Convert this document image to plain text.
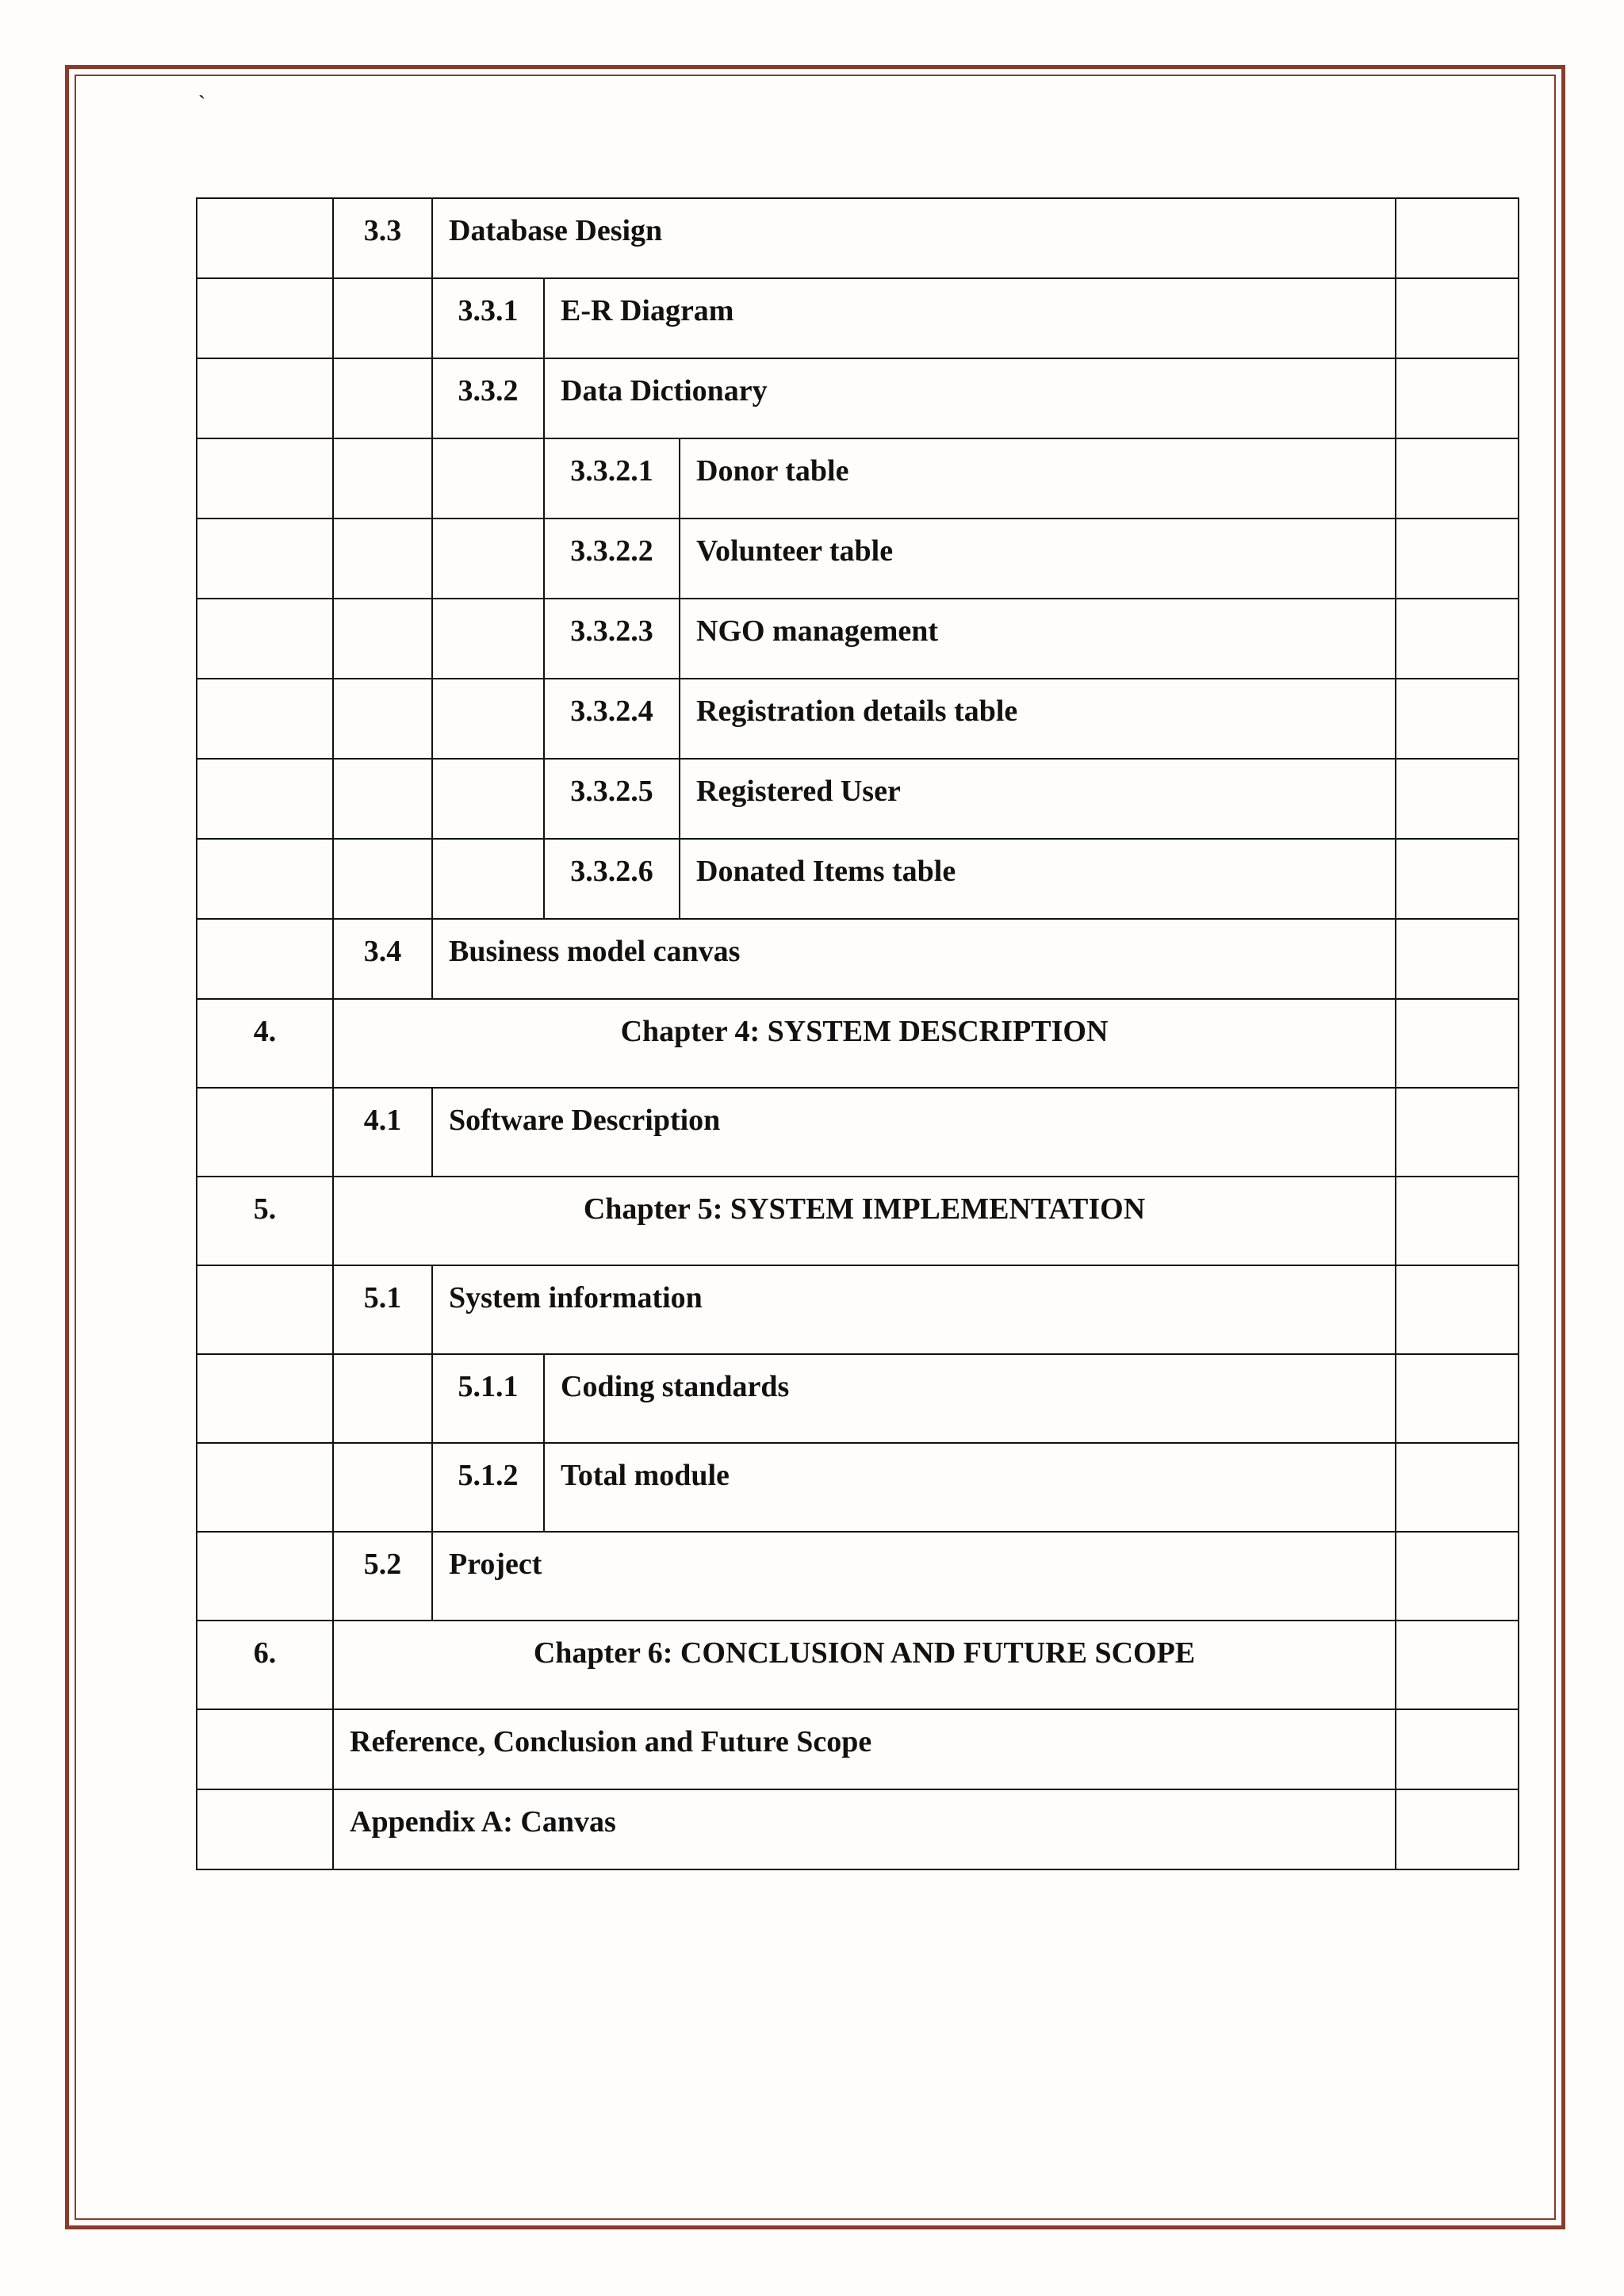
`
	3.3	Database Design			
		3.3.1	E-R Diagram		
		3.3.2	Data Dictionary		
			3.3.2.1	Donor table	
			3.3.2.2	Volunteer table	
			3.3.2.3	NGO management	
			3.3.2.4	Registration details table	
			3.3.2.5	Registered User	
			3.3.2.6	Donated Items table	
	3.4	Business model canvas			
4.	Chapter 4: SYSTEM DESCRIPTION				
	4.1	Software Description			
5.	Chapter 5: SYSTEM IMPLEMENTATION				
	5.1	System information			
		5.1.1	Coding standards		
		5.1.2	Total module		
	5.2	Project			
6.	Chapter 6: CONCLUSION AND FUTURE SCOPE				
	Reference, Conclusion and Future Scope				
	Appendix A: Canvas				
